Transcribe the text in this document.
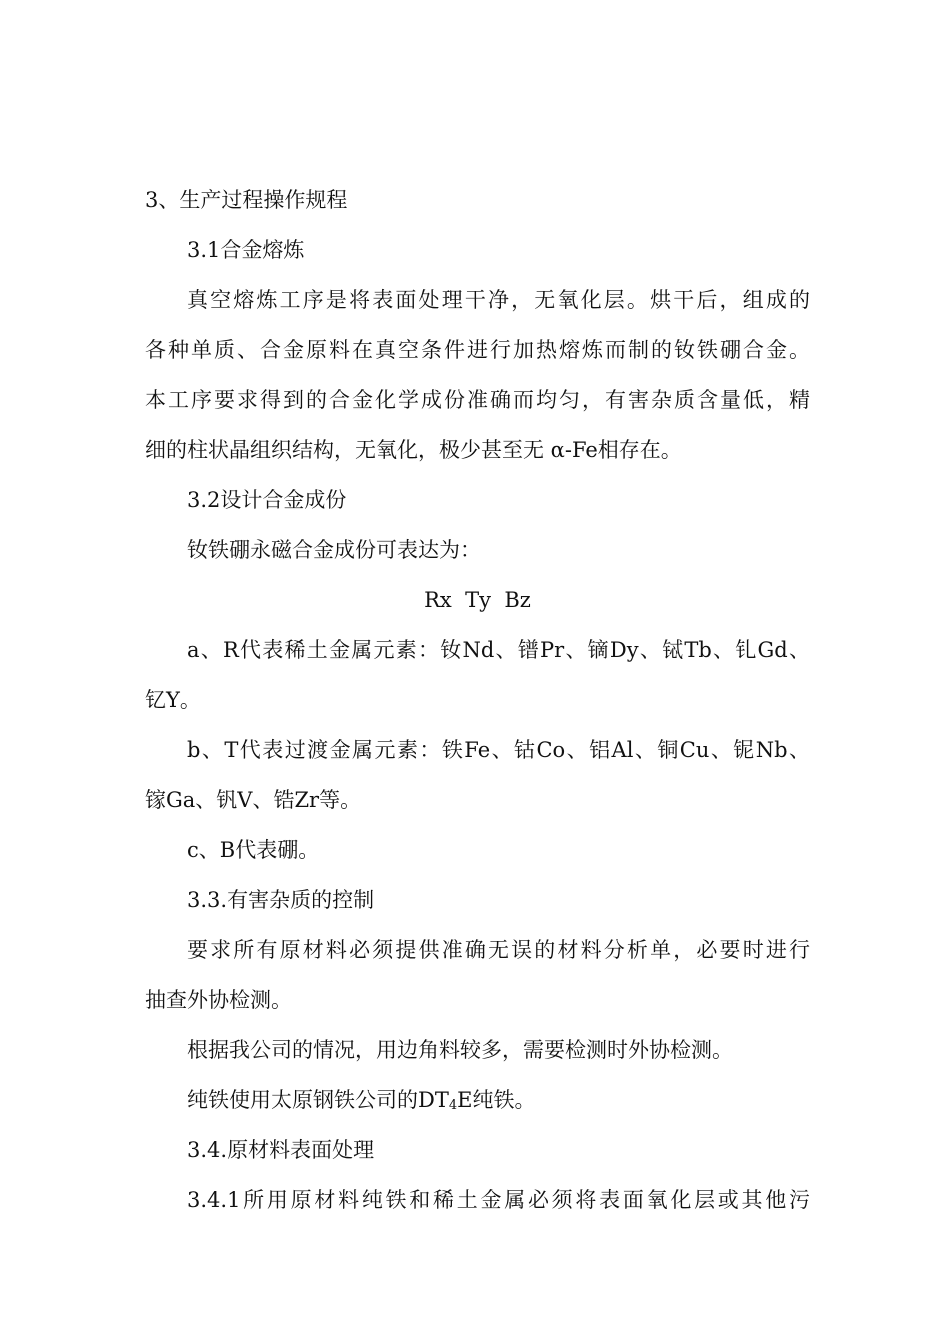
3、生产过程操作规程
3.1合金熔炼
真空熔炼工序是将表面处理干净，无氧化层。烘干后，组成的
各种单质、合金原料在真空条件进行加热熔炼而制的钕铁硼合金。
本工序要求得到的合金化学成份准确而均匀，有害杂质含量低，精
细的柱状晶组织结构，无氧化，极少甚至无 α-Fe相存在。
3.2设计合金成份
钕铁硼永磁合金成份可表达为：
Rx  Ty  Bz
a、R代表稀土金属元素：钕Nd、镨Pr、镝Dy、铽Tb、钆Gd、
钇Y。
b、T代表过渡金属元素：铁Fe、钴Co、铝Al、铜Cu、铌Nb、
镓Ga、钒V、锆Zr等。
c、B代表硼。
3.3.有害杂质的控制
要求所有原材料必须提供准确无误的材料分析单，必要时进行
抽查外协检测。
根据我公司的情况，用边角料较多，需要检测时外协检测。
纯铁使用太原钢铁公司的DT4E纯铁。
3.4.原材料表面处理
3.4.1所用原材料纯铁和稀土金属必须将表面氧化层或其他污
